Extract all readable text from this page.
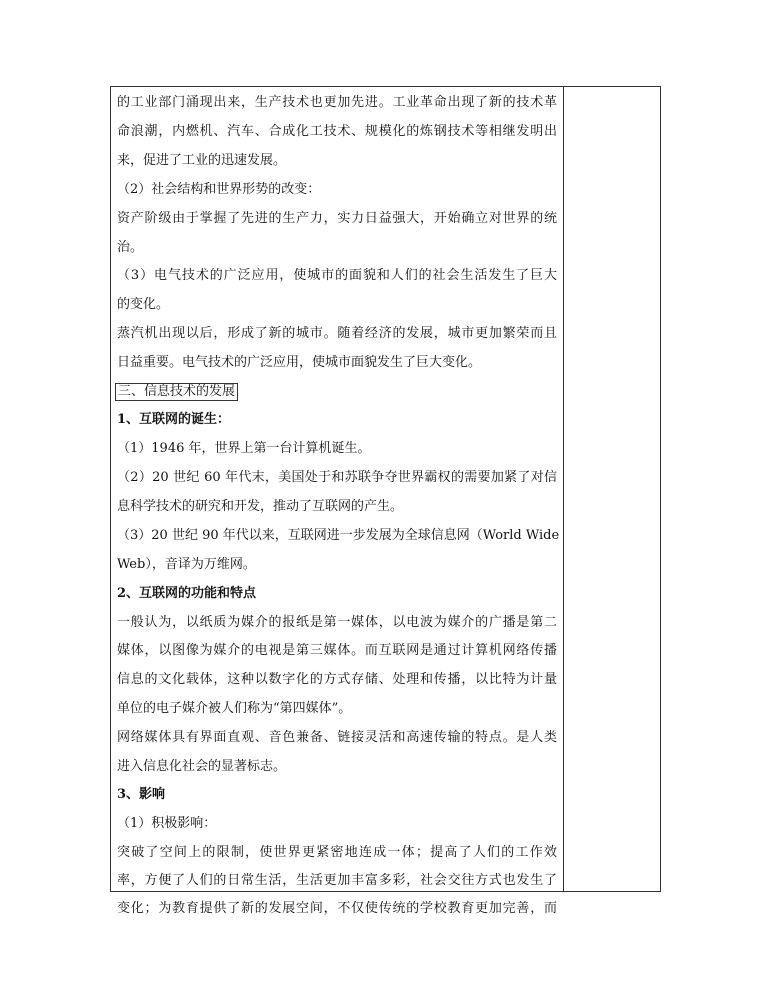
的工业部门涌现出来，生产技术也更加先进。工业革命出现了新的技术革
命浪潮，内燃机、汽车、合成化工技术、规模化的炼钢技术等相继发明出
来，促进了工业的迅速发展。
（2）社会结构和世界形势的改变：
资产阶级由于掌握了先进的生产力，实力日益强大，开始确立对世界的统
治。
（3）电气技术的广泛应用，使城市的面貌和人们的社会生活发生了巨大
的变化。
蒸汽机出现以后，形成了新的城市。随着经济的发展，城市更加繁荣而且
日益重要。电气技术的广泛应用，使城市面貌发生了巨大变化。
三、信息技术的发展
1、互联网的诞生：
（1）1946 年，世界上第一台计算机诞生。
（2）20 世纪 60 年代末，美国处于和苏联争夺世界霸权的需要加紧了对信
息科学技术的研究和开发，推动了互联网的产生。
（3）20 世纪 90 年代以来，互联网进一步发展为全球信息网（World Wide
Web），音译为万维网。
2、互联网的功能和特点
一般认为，以纸质为媒介的报纸是第一媒体，以电波为媒介的广播是第二
媒体，以图像为媒介的电视是第三媒体。而互联网是通过计算机网络传播
信息的文化载体，这种以数字化的方式存储、处理和传播，以比特为计量
单位的电子媒介被人们称为“第四媒体”。
网络媒体具有界面直观、音色兼备、链接灵活和高速传输的特点。是人类
进入信息化社会的显著标志。
3、影响
（1）积极影响：
突破了空间上的限制，使世界更紧密地连成一体；提高了人们的工作效
率，方便了人们的日常生活，生活更加丰富多彩，社会交往方式也发生了
变化；为教育提供了新的发展空间，不仅使传统的学校教育更加完善，而
